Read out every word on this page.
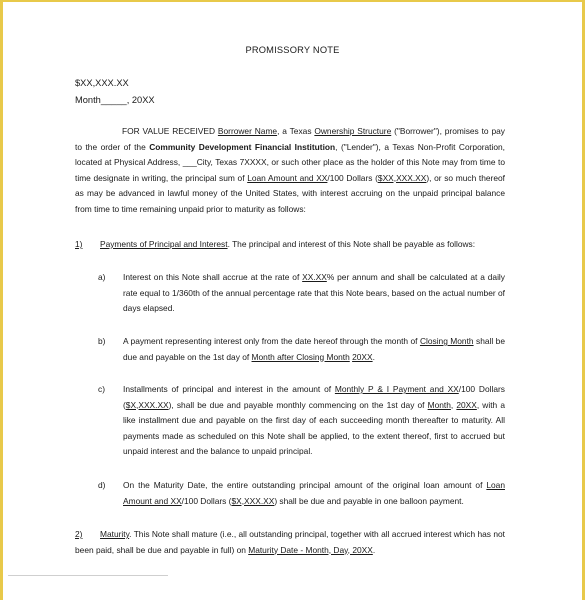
PROMISSORY NOTE
$XX,XXX.XX
Month_____, 20XX
FOR VALUE RECEIVED Borrower Name, a Texas Ownership Structure ("Borrower"), promises to pay to the order of the Community Development Financial Institution, ("Lender"), a Texas Non-Profit Corporation, located at Physical Address, ___City, Texas 7XXXX, or such other place as the holder of this Note may from time to time designate in writing, the principal sum of Loan Amount and XX/100 Dollars ($XX,XXX.XX), or so much thereof as may be advanced in lawful money of the United States, with interest accruing on the unpaid principal balance from time to time remaining unpaid prior to maturity as follows:
1) Payments of Principal and Interest. The principal and interest of this Note shall be payable as follows:
a) Interest on this Note shall accrue at the rate of XX.XX% per annum and shall be calculated at a daily rate equal to 1/360th of the annual percentage rate that this Note bears, based on the actual number of days elapsed.
b) A payment representing interest only from the date hereof through the month of Closing Month shall be due and payable on the 1st day of Month after Closing Month 20XX.
c) Installments of principal and interest in the amount of Monthly P & I Payment and XX/100 Dollars ($X,XXX.XX), shall be due and payable monthly commencing on the 1st day of Month, 20XX, with a like installment due and payable on the first day of each succeeding month thereafter to maturity. All payments made as scheduled on this Note shall be applied, to the extent thereof, first to accrued but unpaid interest and the balance to unpaid principal.
d) On the Maturity Date, the entire outstanding principal amount of the original loan amount of Loan Amount and XX/100 Dollars ($X,XXX.XX) shall be due and payable in one balloon payment.
2) Maturity. This Note shall mature (i.e., all outstanding principal, together with all accrued interest which has not been paid, shall be due and payable in full) on Maturity Date - Month, Day, 20XX.
